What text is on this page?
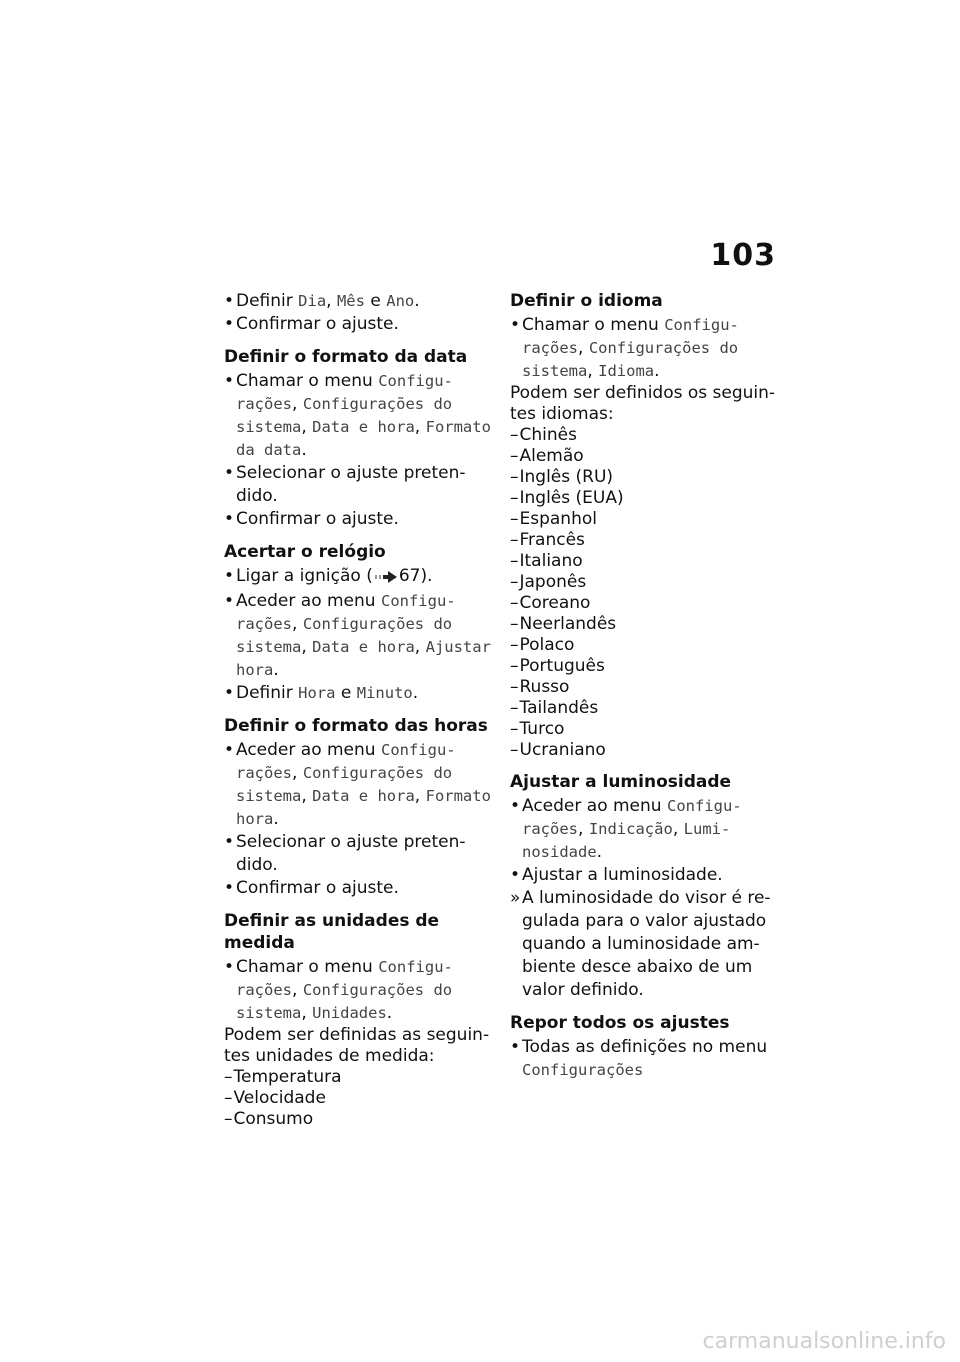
103
• Definir Dia, Mês e Ano.
• Confirmar o ajuste.
Definir o formato da data
• Chamar o menu Configu-rações, Configurações do sistema, Data e hora, Formato da data.
• Selecionar o ajuste preten-dido.
• Confirmar o ajuste.
Acertar o relógio
• Ligar a ignição ( 67).
• Aceder ao menu Configu-rações, Configurações do sistema, Data e hora, Ajustar hora.
• Definir Hora e Minuto.
Definir o formato das horas
• Aceder ao menu Configu-rações, Configurações do sistema, Data e hora, Formato hora.
• Selecionar o ajuste preten-dido.
• Confirmar o ajuste.
Definir as unidades de medida
• Chamar o menu Configu-rações, Configurações do sistema, Unidades.

Podem ser definidas as seguin-tes unidades de medida:

– Temperatura
– Velocidade
– Consumo
Definir o idioma
• Chamar o menu Configu-rações, Configurações do sistema, Idioma.

Podem ser definidos os seguin-tes idiomas:

– Chinês
– Alemão
– Inglês (RU)
– Inglês (EUA)
– Espanhol
– Francês
– Italiano
– Japonês
– Coreano
– Neerlandês
– Polaco
– Português
– Russo
– Tailandês
– Turco
– Ucraniano
Ajustar a luminosidade
• Aceder ao menu Configu-rações, Indicação, Lumi-nosidade.
• Ajustar a luminosidade.
» A luminosidade do visor é re-gulada para o valor ajustado quando a luminosidade am-biente desce abaixo de um valor definido.
Repor todos os ajustes
• Todas as definições no menu Configurações
carmanualsonline.info
